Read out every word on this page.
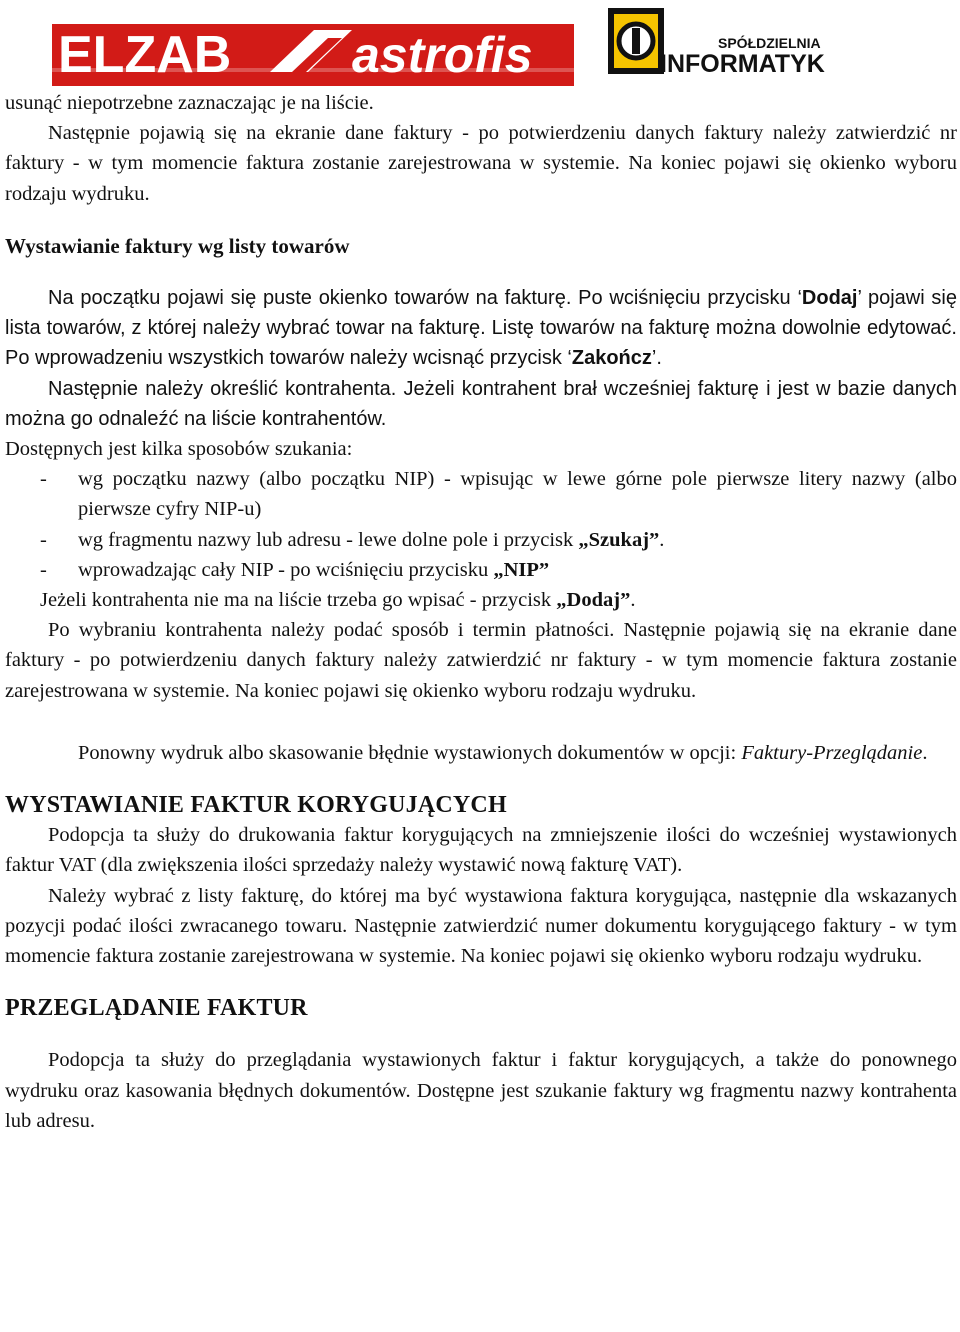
ELZAB astrofis	SPÓŁDZIELNIA
INFORMATYK

usunąć niepotrzebne zaznaczając je na liście.

Następnie pojawią się na ekranie dane faktury - po potwierdzeniu danych faktury należy zatwierdzić nr faktury - w tym momencie faktura zostanie zarejestrowana w systemie. Na koniec pojawi się okienko wyboru rodzaju wydruku.

Wystawianie faktury wg listy towarów

Na początku pojawi się puste okienko towarów na fakturę. Po wciśnięciu przycisku ‘Dodaj’ pojawi się lista towarów, z której należy wybrać towar na fakturę. Listę towarów na fakturę można dowolnie edytować. Po wprowadzeniu wszystkich towarów należy wcisnąć przycisk ‘Zakończ’.

Następnie należy określić kontrahenta. Jeżeli kontrahent brał wcześniej fakturę i jest w bazie danych można go odnaleźć na liście kontrahentów.

Dostępnych jest kilka sposobów szukania:

- wg początku nazwy (albo początku NIP) - wpisując w lewe górne pole pierwsze litery nazwy (albo pierwsze cyfry NIP-u)

- wg fragmentu nazwy lub adresu - lewe dolne pole i przycisk „Szukaj”.

- wprowadzając cały NIP - po wciśnięciu przycisku „NIP”

Jeżeli kontrahenta nie ma na liście trzeba go wpisać - przycisk „Dodaj”.

Po wybraniu kontrahenta należy podać sposób i termin płatności. Następnie pojawią się na ekranie dane faktury - po potwierdzeniu danych faktury należy zatwierdzić nr faktury - w tym momencie faktura zostanie zarejestrowana w systemie. Na koniec pojawi się okienko wyboru rodzaju wydruku.

Ponowny wydruk albo skasowanie błędnie wystawionych dokumentów w opcji: Faktury-Przeglądanie.

WYSTAWIANIE FAKTUR KORYGUJĄCYCH

Podopcja ta służy do drukowania faktur korygujących na zmniejszenie ilości do wcześniej wystawionych faktur VAT (dla zwiększenia ilości sprzedaży należy wystawić nową fakturę VAT).

Należy wybrać z listy fakturę, do której ma być wystawiona faktura korygująca, następnie dla wskazanych pozycji podać ilości zwracanego towaru. Następnie zatwierdzić numer dokumentu korygującego faktury - w tym momencie faktura zostanie zarejestrowana w systemie. Na koniec pojawi się okienko wyboru rodzaju wydruku.

PRZEGLĄDANIE FAKTUR

Podopcja ta służy do przeglądania wystawionych faktur i faktur korygujących, a także do ponownego wydruku oraz kasowania błędnych dokumentów. Dostępne jest szukanie faktury wg fragmentu nazwy kontrahenta lub adresu.
